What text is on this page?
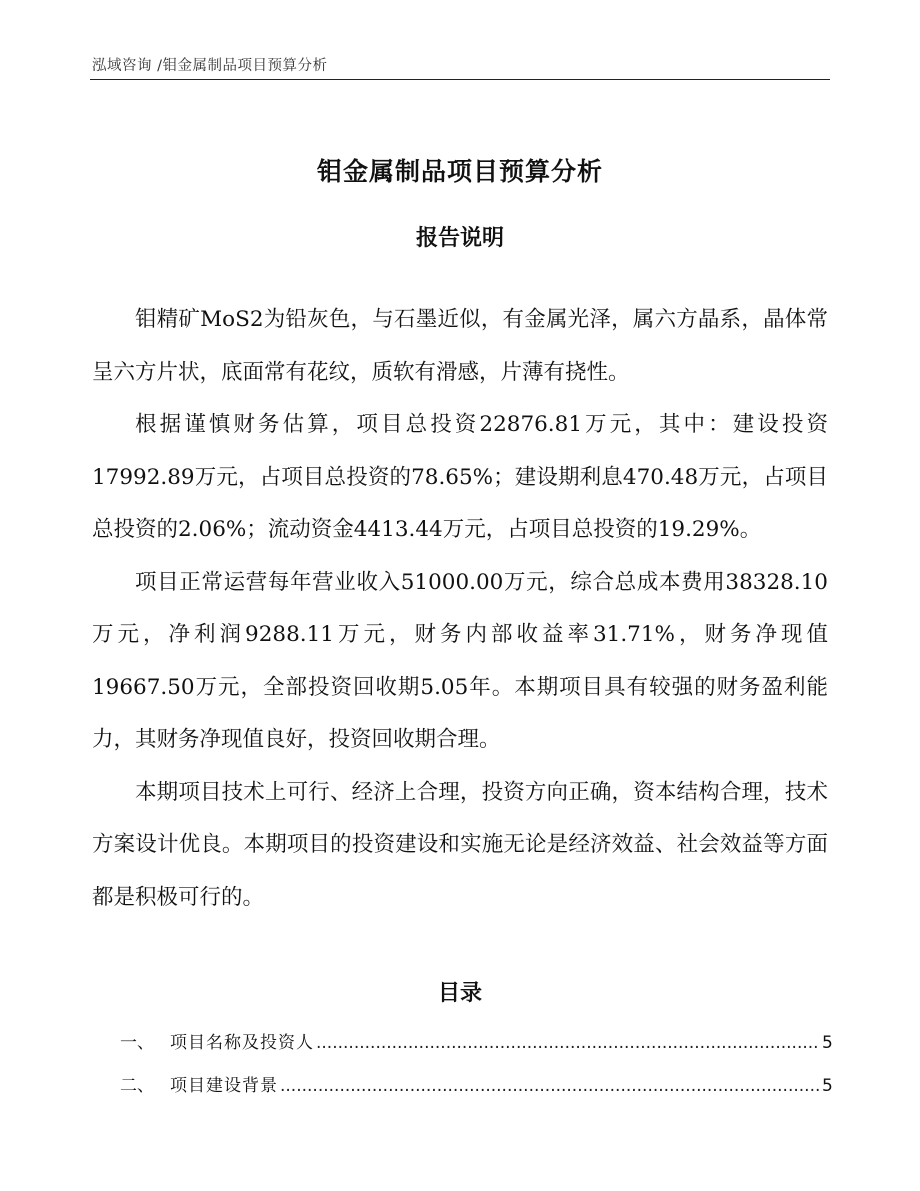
泓域咨询 /钼金属制品项目预算分析
钼金属制品项目预算分析
报告说明

钼精矿MoS2为铅灰色，与石墨近似，有金属光泽，属六方晶系，晶体常呈六方片状，底面常有花纹，质软有滑感，片薄有挠性。

根据谨慎财务估算，项目总投资22876.81万元，其中：建设投资17992.89万元，占项目总投资的78.65%；建设期利息470.48万元，占项目总投资的2.06%；流动资金4413.44万元，占项目总投资的19.29%。

项目正常运营每年营业收入51000.00万元，综合总成本费用38328.10万元，净利润9288.11万元，财务内部收益率31.71%，财务净现值19667.50万元，全部投资回收期5.05年。本期项目具有较强的财务盈利能力，其财务净现值良好，投资回收期合理。

本期项目技术上可行、经济上合理，投资方向正确，资本结构合理，技术方案设计优良。本期项目的投资建设和实施无论是经济效益、社会效益等方面都是积极可行的。

目录
一、 项目名称及投资人 .....	5
二、 项目建设背景 .....	5
